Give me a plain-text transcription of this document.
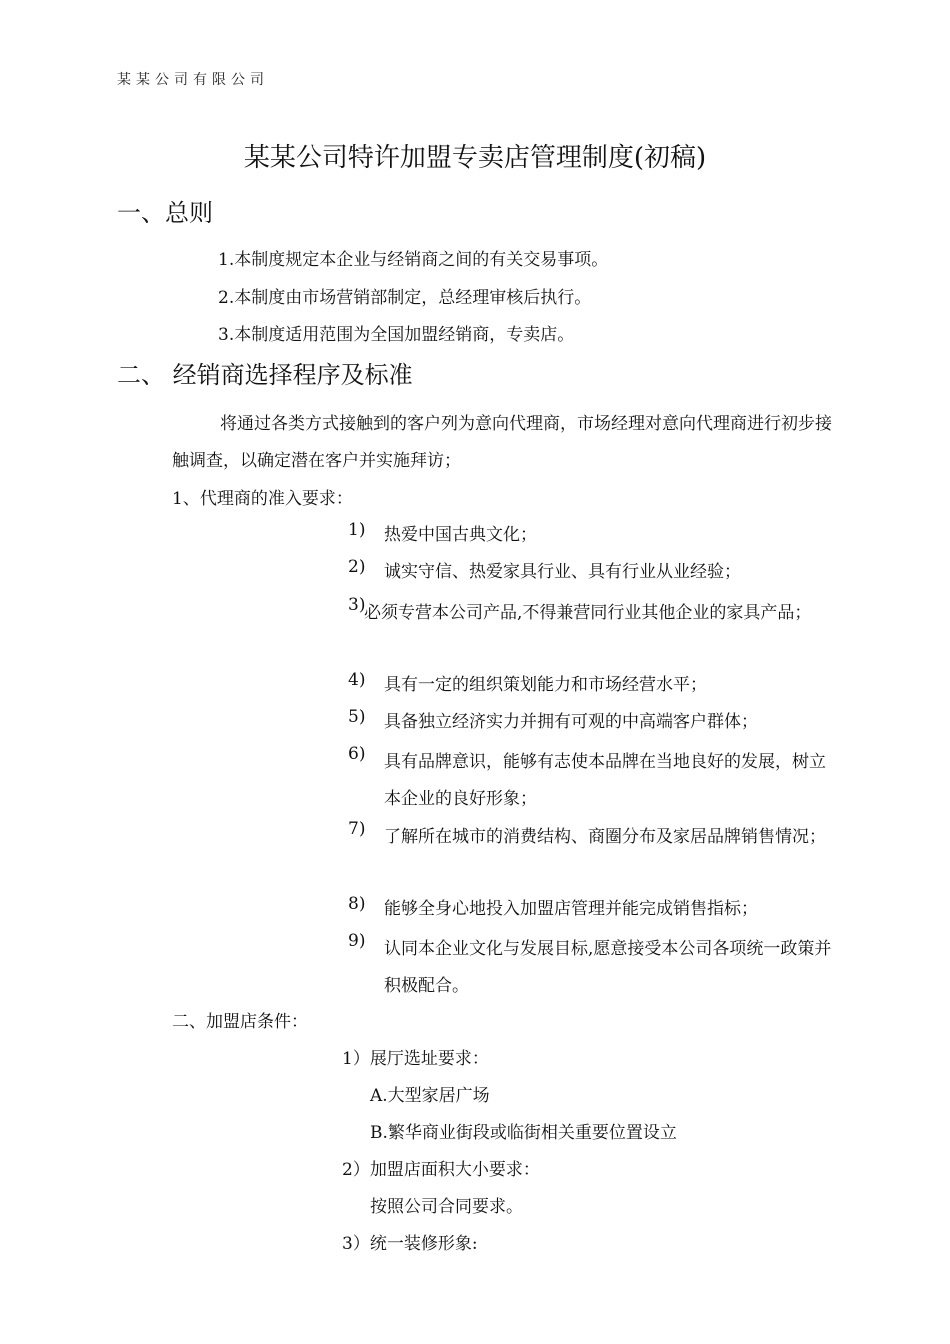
某某公司有限公司
某某公司特许加盟专卖店管理制度(初稿)
一、总则
1.本制度规定本企业与经销商之间的有关交易事项。
2.本制度由市场营销部制定，总经理审核后执行。
3.本制度适用范围为全国加盟经销商，专卖店。
二、 经销商选择程序及标准
将通过各类方式接触到的客户列为意向代理商，市场经理对意向代理商进行初步接触调查，以确定潜在客户并实施拜访；
1、代理商的准入要求：
1) 热爱中国古典文化；
2) 诚实守信、热爱家具行业、具有行业从业经验；
3)
必须专营本公司产品,不得兼营同行业其他企业的家具产品；
4) 具有一定的组织策划能力和市场经营水平；
5) 具备独立经济实力并拥有可观的中高端客户群体；
6) 具有品牌意识，能够有志使本品牌在当地良好的发展，树立本企业的良好形象；
7) 了解所在城市的消费结构、商圈分布及家居品牌销售情况；
8) 能够全身心地投入加盟店管理并能完成销售指标；
9) 认同本企业文化与发展目标,愿意接受本公司各项统一政策并积极配合。
二、加盟店条件：
1）展厅选址要求：
A.大型家居广场
B.繁华商业街段或临街相关重要位置设立
2）加盟店面积大小要求：
按照公司合同要求。
3）统一装修形象:
